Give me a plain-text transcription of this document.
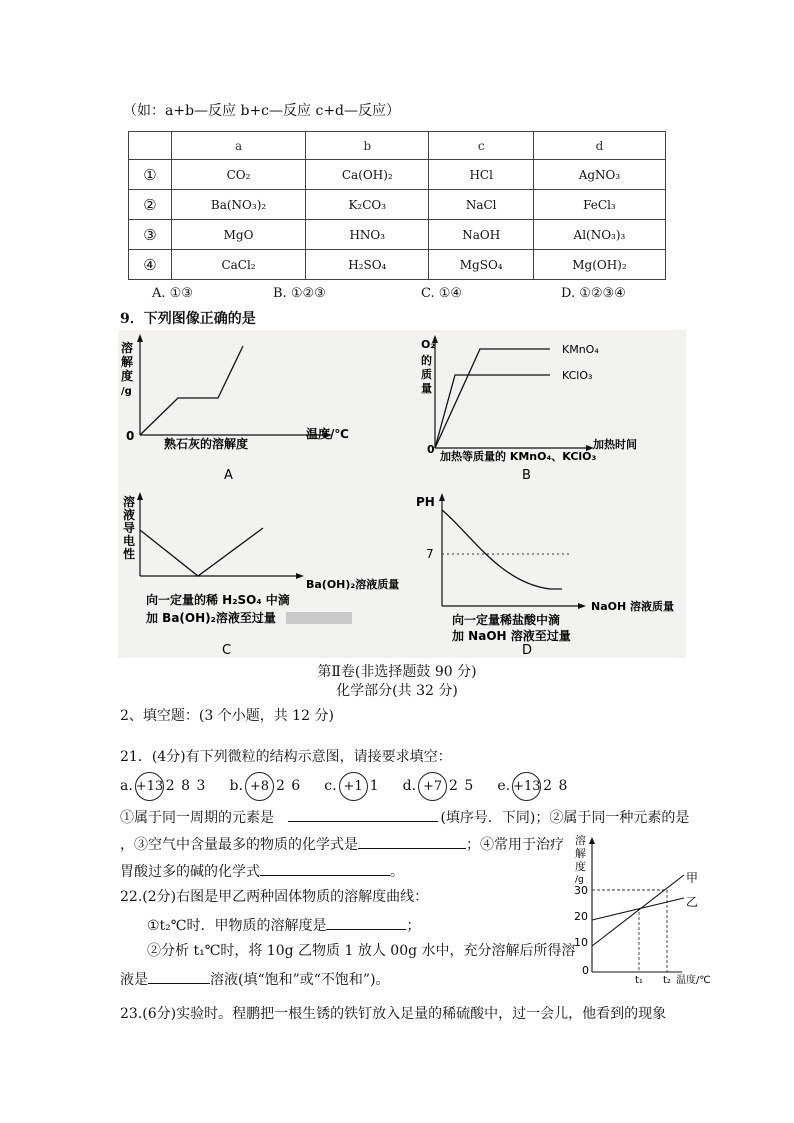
（如：a+b—反应 b+c—反应 c+d—反应）
	a	b	c	d
①	CO₂	Ca(OH)₂	HCl	AgNO₃
②	Ba(NO₃)₂	K₂CO₃	NaCl	FeCl₃
③	MgO	HNO₃	NaOH	Al(NO₃)₃
④	CaCl₂	H₂SO₄	MgSO₄	Mg(OH)₂
A. ①③	B. ①②③	C. ①④	D. ①②③④
9．下列图像正确的是
溶
解
度
/g
0	温度/℃
熟石灰的溶解度
A
O₂
的
质
量
0
KMnO₄
KClO₃
加热时间
加热等质量的 KMnO₄、KClO₃
B
溶
液
导
电
性
Ba(OH)₂溶液质量
向一定量的稀 H₂SO₄ 中滴
加 Ba(OH)₂溶液至过量
C
PH
7
NaOH 溶液质量
向一定量稀盐酸中滴
加 NaOH 溶液至过量
D
第Ⅱ卷(非选择题鼓 90 分)
化学部分(共 32 分)
2、填空题：(3 个小题，共 12 分)
21．(4分)有下列微粒的结构示意图，请接要求填空：
a. +13 2 8 3 b. +8 2 6 c. +1 1 d. +7 2 5 e. +13 2 8
①属于同一周期的元素是	(填序号．下同)；②属于同一种元素的是
，③空气中含量最多的物质的化学式是	；④常用于治疗
胃酸过多的碱的化学式	。
22.(2分)右图是甲乙两种固体物质的溶解度曲线：
①t₂℃时．甲物质的溶解度是	；
②分析 t₁℃时，将 10g 乙物质 1 放人 00g 水中，充分溶解后所得溶
液是	溶液(填“饱和”或“不饱和”)。
溶
解
度
/g
30
20
10
0
t₁ t₂ 温度/℃
甲
乙
23.(6分)实验时。程鹏把一根生锈的铁钉放入足量的稀硫酸中，过一会儿，他看到的现象
